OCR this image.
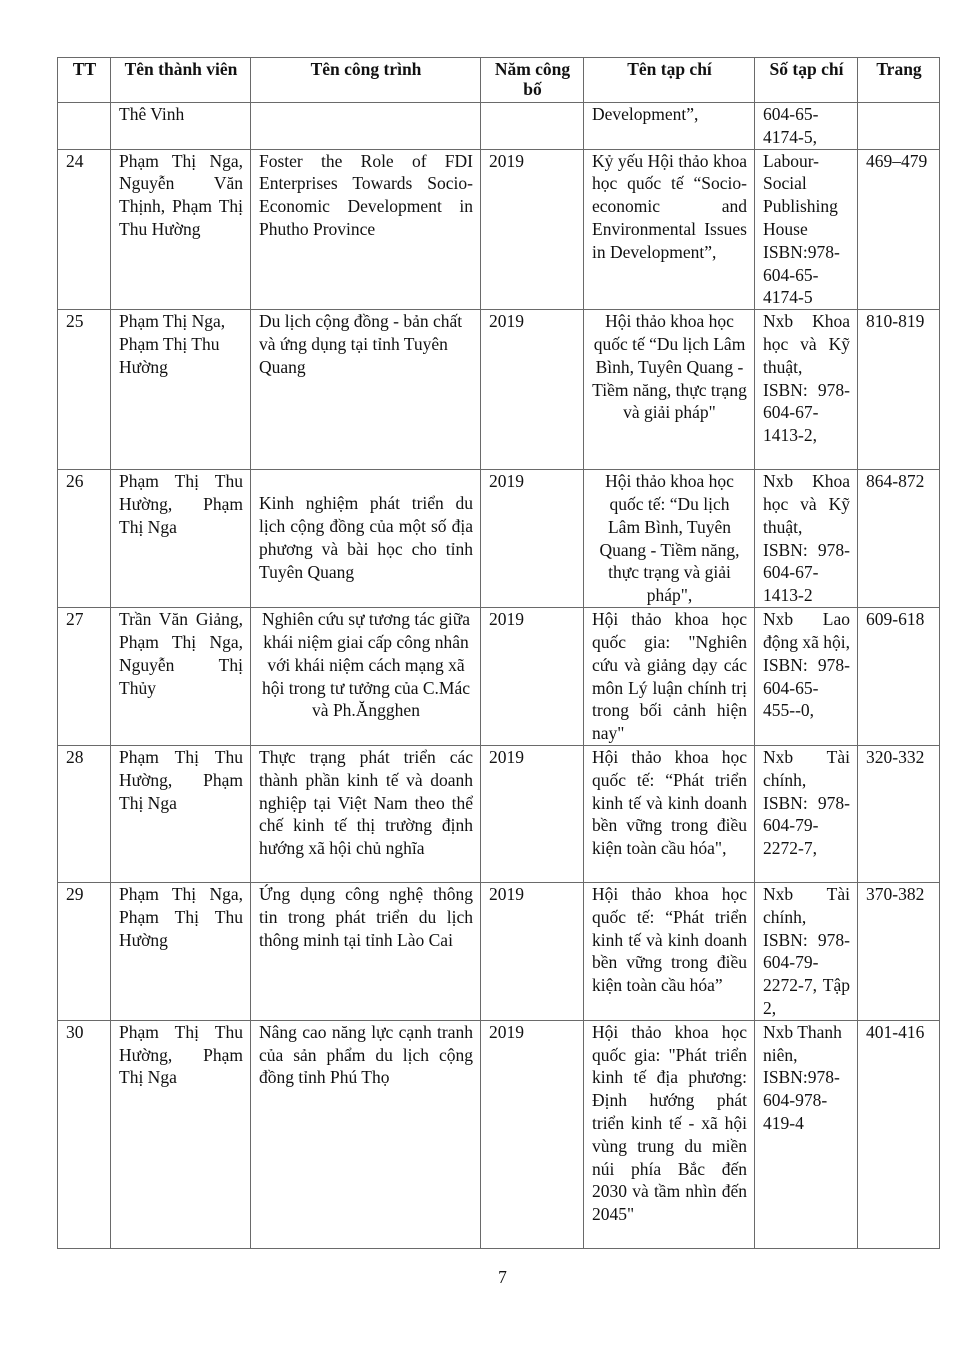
TT	Tên thành viên	Tên công trình	Năm công bố	Tên tạp chí	Số tạp chí	Trang
	Thê Vinh			Development”,	604-65-4174-5,	
24	Phạm Thị Nga, Nguyễn Văn Thịnh, Phạm Thị Thu Hường	Foster the Role of FDI Enterprises Towards Socio-Economic Development in Phutho Province	2019	Kỷ yếu Hội thảo khoa học quốc tế “Socio-economic and Environmental Issues in Development”,	Labour-Social Publishing House ISBN:978-604-65-4174-5	469–479
25	Phạm Thị Nga, Phạm Thị Thu Hường	Du lịch cộng đồng - bản chất và ứng dụng tại tỉnh Tuyên Quang	2019	Hội thảo khoa học quốc tế “Du lịch Lâm Bình, Tuyên Quang - Tiềm năng, thực trạng và giải pháp"	Nxb Khoa học và Kỹ thuật, ISBN: 978-604-67-1413-2,	810-819
26	Phạm Thị Thu Hường, Phạm Thị Nga	Kinh nghiệm phát triển du lịch cộng đồng của một số địa phương và bài học cho tỉnh Tuyên Quang	2019	Hội thảo khoa học quốc tế: “Du lịch Lâm Bình, Tuyên Quang - Tiềm năng, thực trạng và giải pháp",	Nxb Khoa học và Kỹ thuật, ISBN: 978-604-67-1413-2	864-872
27	Trần Văn Giảng, Phạm Thị Nga, Nguyễn Thị Thủy	Nghiên cứu sự tương tác giữa khái niệm giai cấp công nhân với khái niệm cách mạng xã hội trong tư tưởng của C.Mác và Ph.Ăngghen	2019	Hội thảo khoa học quốc gia: "Nghiên cứu và giảng dạy các môn Lý luận chính trị trong bối cảnh hiện nay"	Nxb Lao động xã hội, ISBN: 978-604-65-455--0,	609-618
28	Phạm Thị Thu Hường, Phạm Thị Nga	Thực trạng phát triển các thành phần kinh tế và doanh nghiệp tại Việt Nam theo thể chế kinh tế thị trường định hướng xã hội chủ nghĩa	2019	Hội thảo khoa học quốc tế: “Phát triển kinh tế và kinh doanh bền vững trong điều kiện toàn cầu hóa",	Nxb Tài chính, ISBN: 978-604-79-2272-7,	320-332
29	Phạm Thị Nga, Phạm Thị Thu Hường	Ứng dụng công nghệ thông tin trong phát triển du lịch thông minh tại tỉnh Lào Cai	2019	Hội thảo khoa học quốc tế: “Phát triển kinh tế và kinh doanh bền vững trong điều kiện toàn cầu hóa”	Nxb Tài chính, ISBN: 978-604-79-2272-7, Tập 2,	370-382
30	Phạm Thị Thu Hường, Phạm Thị Nga	Nâng cao năng lực cạnh tranh của sản phẩm du lịch cộng đồng tỉnh Phú Thọ	2019	Hội thảo khoa học quốc gia: "Phát triển kinh tế địa phương: Định hướng phát triển kinh tế - xã hội vùng trung du miền núi phía Bắc đến 2030 và tầm nhìn đến 2045"	Nxb Thanh niên, ISBN:978-604-978-419-4	401-416
7
